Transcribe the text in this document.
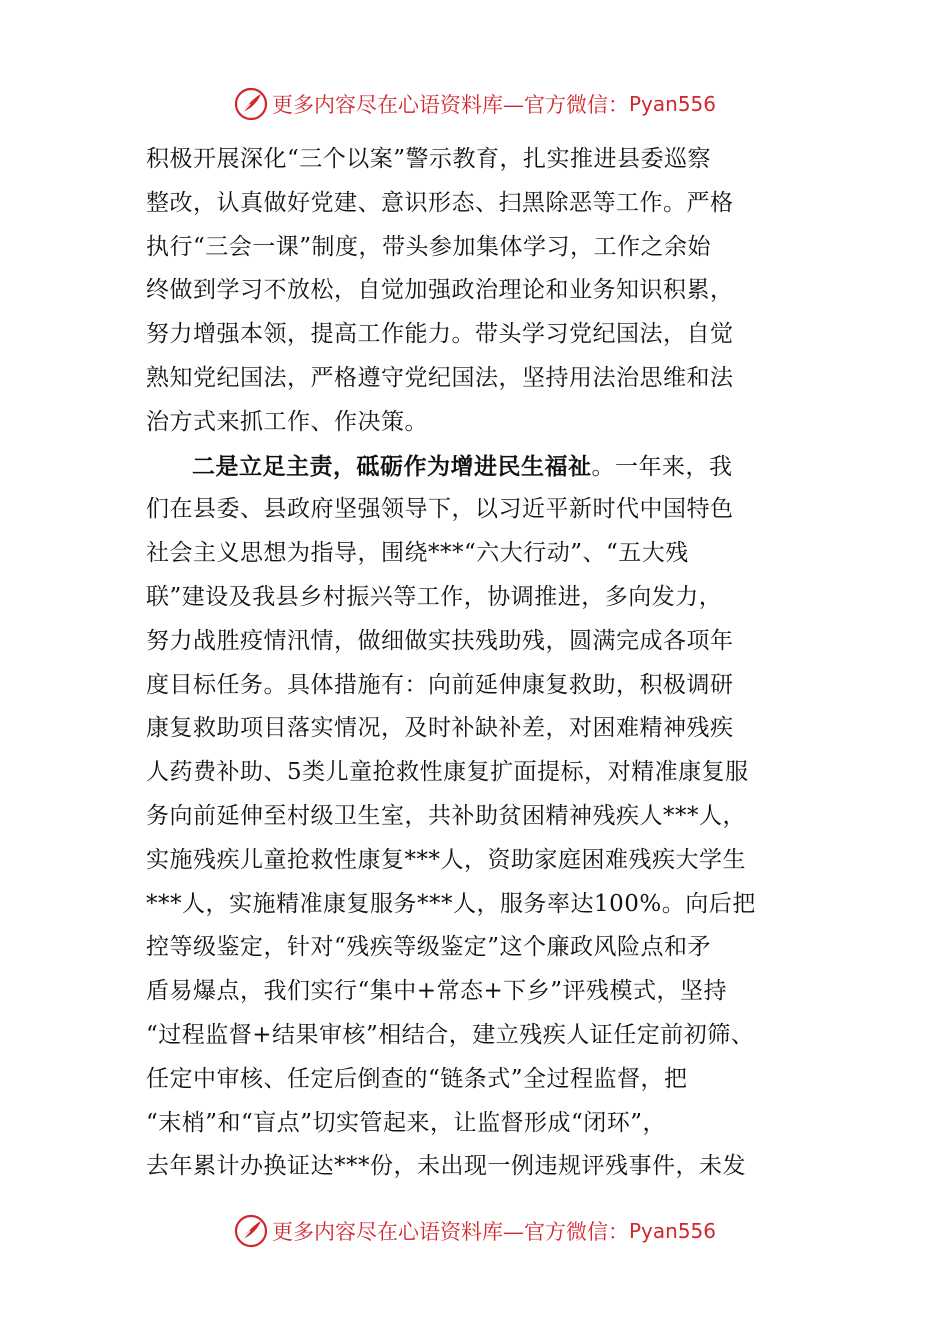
更多内容尽在心语资料库—官方微信： Pyan556
积极开展深化“三个以案”警示教育，扎实推进县委巡察
整改，认真做好党建、意识形态、扫黑除恶等工作。严格
执行“三会一课”制度，带头参加集体学习，工作之余始
终做到学习不放松，自觉加强政治理论和业务知识积累，
努力增强本领，提高工作能力。带头学习党纪国法，自觉
熟知党纪国法，严格遵守党纪国法，坚持用法治思维和法
治方式来抓工作、作决策。
二是立足主责，砥砺作为增进民生福祉。一年来，我
们在县委、县政府坚强领导下，以习近平新时代中国特色
社会主义思想为指导，围绕***“六大行动”、“五大残
联”建设及我县乡村振兴等工作，协调推进，多向发力，
努力战胜疫情汛情，做细做实扶残助残，圆满完成各项年
度目标任务。具体措施有：向前延伸康复救助，积极调研
康复救助项目落实情况，及时补缺补差，对困难精神残疾
人药费补助、5类儿童抢救性康复扩面提标，对精准康复服
务向前延伸至村级卫生室，共补助贫困精神残疾人***人，
实施残疾儿童抢救性康复***人，资助家庭困难残疾大学生
***人，实施精准康复服务***人，服务率达100%。向后把
控等级鉴定，针对“残疾等级鉴定”这个廉政风险点和矛
盾易爆点，我们实行“集中+常态+下乡”评残模式，坚持
“过程监督+结果审核”相结合，建立残疾人证任定前初筛、
任定中审核、任定后倒查的“链条式”全过程监督，把
“末梢”和“盲点”切实管起来，让监督形成“闭环”，
去年累计办换证达***份，未出现一例违规评残事件，未发
更多内容尽在心语资料库—官方微信： Pyan556
